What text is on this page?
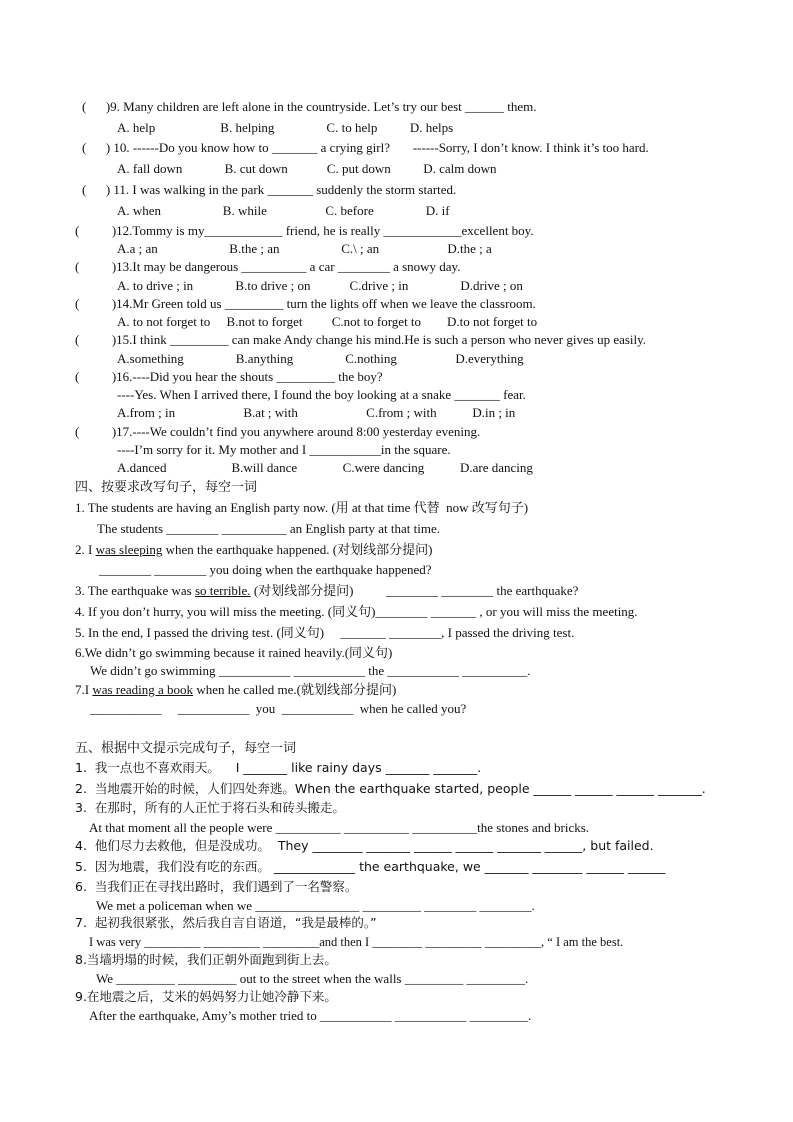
(      )9. Many children are left alone in the countryside. Let’s try our best ______ them.
A. help                    B. helping                C. to help          D. helps
(      ) 10. ------Do you know how to _______ a crying girl?       ------Sorry, I don’t know. I think it’s too hard.
A. fall down             B. cut down            C. put down          D. calm down
(      ) 11. I was walking in the park _______ suddenly the storm started.
A. when                   B. while                  C. before                D. if
(          )12.Tommy is my____________ friend, he is really ____________excellent boy.
A.a ; an                      B.the ; an                   C.\ ; an                     D.the ; a
(          )13.It may be dangerous __________ a car ________ a snowy day.
A. to drive ; in             B.to drive ; on            C.drive ; in                D.drive ; on
(          )14.Mr Green told us _________ turn the lights off when we leave the classroom.
A. to not forget to     B.not to forget         C.not to forget to        D.to not forget to
(          )15.I think _________ can make Andy change his mind.He is such a person who never gives up easily.
A.something                B.anything                C.nothing                  D.everything
(          )16.----Did you hear the shouts _________ the boy?
----Yes. When I arrived there, I found the boy looking at a snake _______ fear.
A.from ; in                     B.at ; with                     C.from ; with           D.in ; in
(          )17.----We couldn’t find you anywhere around 8:00 yesterday evening.
----I’m sorry for it. My mother and I ___________in the square.
A.danced                    B.will dance              C.were dancing           D.are dancing
四、按要求改写句子，每空一词
1. The students are having an English party now. (用 at that time 代替  now 改写句子)
The students ________ __________ an English party at that time.
2. I was sleeping when the earthquake happened. (对划线部分提问)
________ ________ you doing when the earthquake happened?
3. The earthquake was so terrible. (对划线部分提问)          ________ ________ the earthquake?
4. If you don’t hurry, you will miss the meeting. (同义句)________ _______ , or you will miss the meeting.
5. In the end, I passed the driving test. (同义句)     _______ ________, I passed the driving test.
6.We didn’t go swimming because it rained heavily.(同义句)
We didn’t go swimming ___________ ___________ the ___________ __________.
7.I was reading a book when he called me.(就划线部分提问)
___________     ___________  you  ___________  when he called you?
五、根据中文提示完成句子，每空一词
1.  我一点也不喜欢雨天。    I _______ like rainy days _______ _______.
2.  当地震开始的时候，人们四处奔逃。When the earthquake started, people ______ ______ ______ _______.
3.  在那时，所有的人正忙于将石头和砖头搬走。
At that moment all the people were __________ __________ __________the stones and bricks.
4.  他们尽力去救他，但是没成功。  They ________ _______ ______ ______ _______ ______, but failed.
5.  因为地震，我们没有吃的东西。 _____________ the earthquake, we _______ ________ ______ ______
6.  当我们正在寻找出路时，我们遇到了一名警察。
We met a policeman when we ________________ _________ ________ ________.
7.  起初我很紧张，然后我自言自语道，“我是最棒的。”
I was very _________ _________ _________and then I ________ _________ _________, “ I am the best.
8.当墙坍塌的时候，我们正朝外面跑到街上去。
We _________ _________ out to the street when the walls _________ _________.
9.在地震之后，艾米的妈妈努力让她冷静下来。
After the earthquake, Amy’s mother tried to ___________ ___________ _________.
